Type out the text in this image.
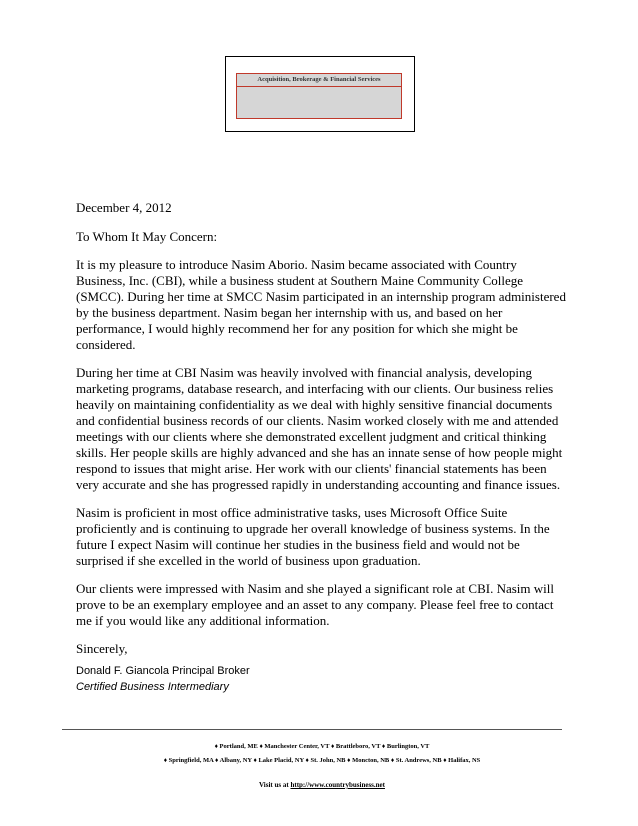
Acquisition, Brokerage & Financial Services

December 4, 2012

To Whom It May Concern:

It is my pleasure to introduce Nasim Aborio. Nasim became associated with Country Business, Inc. (CBI), while a business student at Southern Maine Community College (SMCC). During her time at SMCC Nasim participated in an internship program administered by the business department. Nasim began her internship with us, and based on her performance, I would highly recommend her for any position for which she might be considered.

During her time at CBI Nasim was heavily involved with financial analysis, developing marketing programs, database research, and interfacing with our clients. Our business relies heavily on maintaining confidentiality as we deal with highly sensitive financial documents and confidential business records of our clients. Nasim worked closely with me and attended meetings with our clients where she demonstrated excellent judgment and critical thinking skills. Her people skills are highly advanced and she has an innate sense of how people might respond to issues that might arise. Her work with our clients' financial statements has been very accurate and she has progressed rapidly in understanding accounting and finance issues.

Nasim is proficient in most office administrative tasks, uses Microsoft Office Suite proficiently and is continuing to upgrade her overall knowledge of business systems. In the future I expect Nasim will continue her studies in the business field and would not be surprised if she excelled in the world of business upon graduation.

Our clients were impressed with Nasim and she played a significant role at CBI. Nasim will prove to be an exemplary employee and an asset to any company. Please feel free to contact me if you would like any additional information.

Sincerely,

Donald F. Giancola Principal Broker
Certified Business Intermediary
♦ Portland, ME ♦ Manchester Center, VT ♦ Brattleboro, VT ♦ Burlington, VT
♦ Springfield, MA ♦ Albany, NY ♦ Lake Placid, NY ♦ St. John, NB ♦ Moncton, NB ♦ St. Andrews, NB ♦ Halifax, NS
Visit us at http://www.countrybusiness.net
